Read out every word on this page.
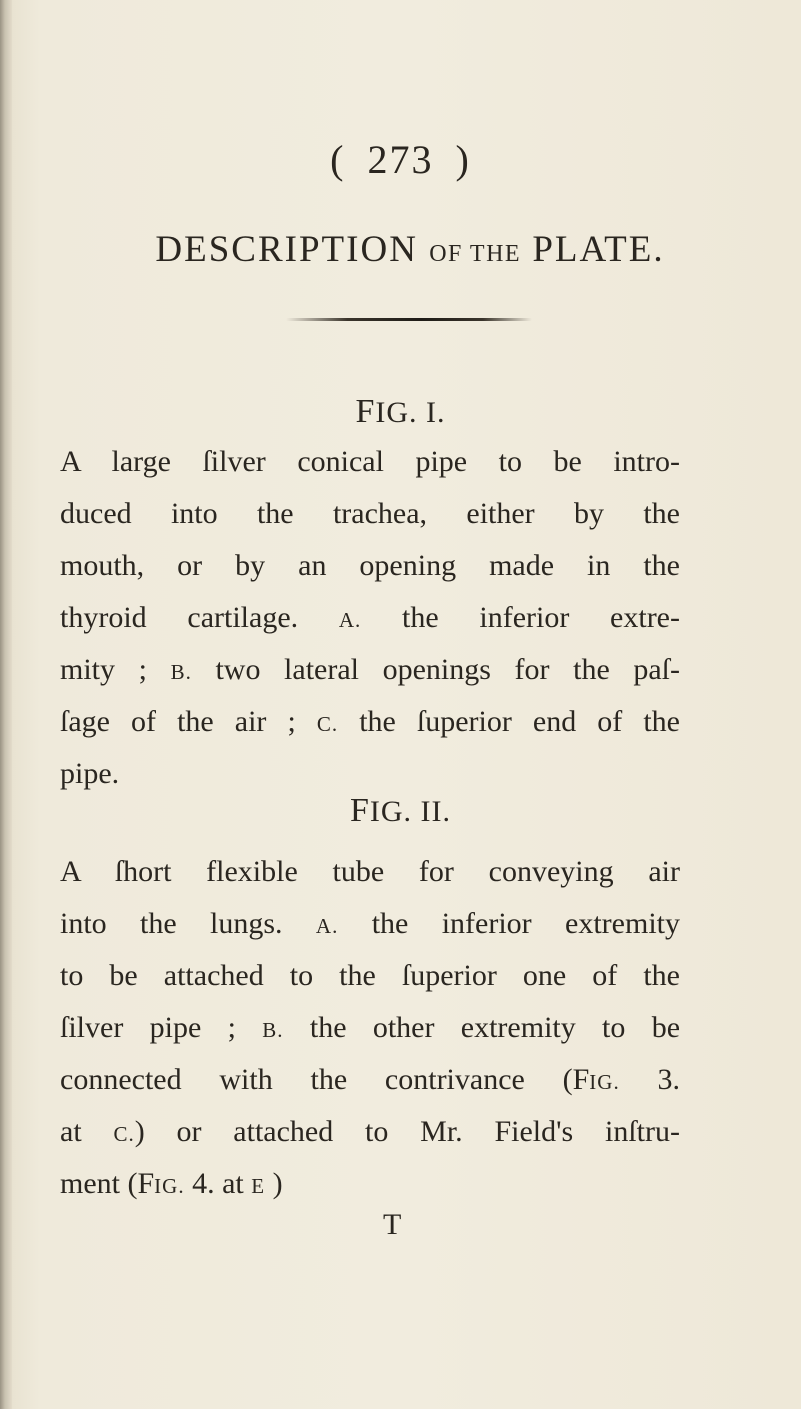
( 273 )
DESCRIPTION OF THE PLATE.
FIG. I.
A large ſilver conical pipe to be intro-
duced into the trachea, either by the
mouth, or by an opening made in the
thyroid cartilage. A. the inferior extre-
mity ; B. two lateral openings for the paſ-
ſage of the air ; C. the ſuperior end of the
pipe.
FIG. II.
A ſhort flexible tube for conveying air
into the lungs. A. the inferior extremity
to be attached to the ſuperior one of the
ſilver pipe ; B. the other extremity to be
connected with the contrivance (FIG. 3.
at C.) or attached to Mr. Field's inſtru-
ment (FIG. 4. at E )
T
